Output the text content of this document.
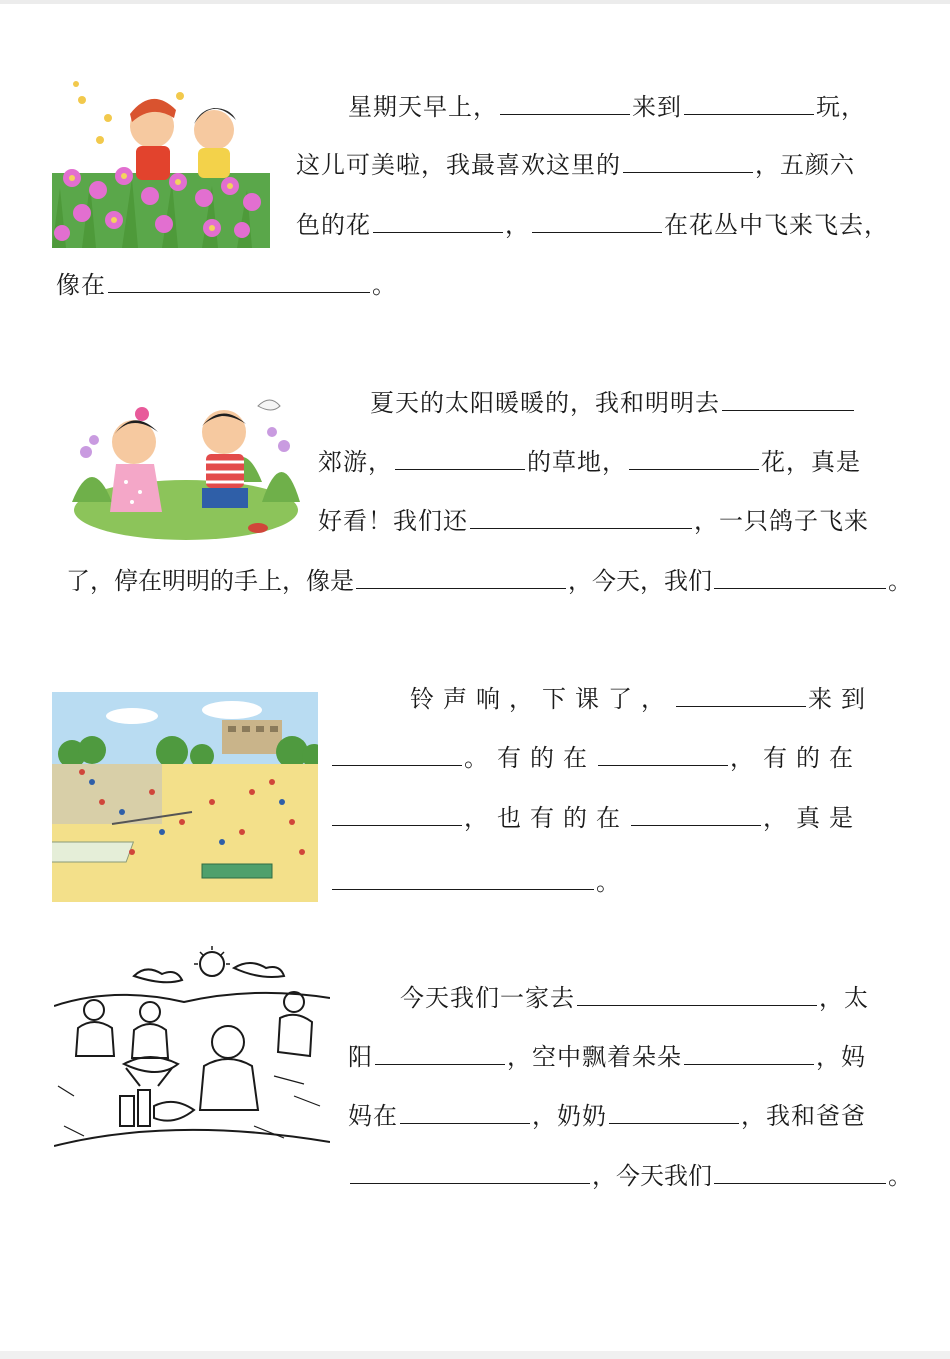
星期天早上，	来到	玩，
这儿可美啦，我最喜欢这里的	，五颜六
色的花	，	在花丛中飞来飞去，
像在	。
夏天的太阳暖暖的，我和明明去
郊游，	的草地，	花，真是
好看！我们还	，一只鸽子飞来
了，停在明明的手上，像是	，今天，我们	。
铃声响，下课了，	来到
。有的在	，有的在
，也有的在	，真是
。
今天我们一家去	，太
阳	，空中飘着朵朵	，妈
妈在	，奶奶	，我和爸爸
，今天我们	。
